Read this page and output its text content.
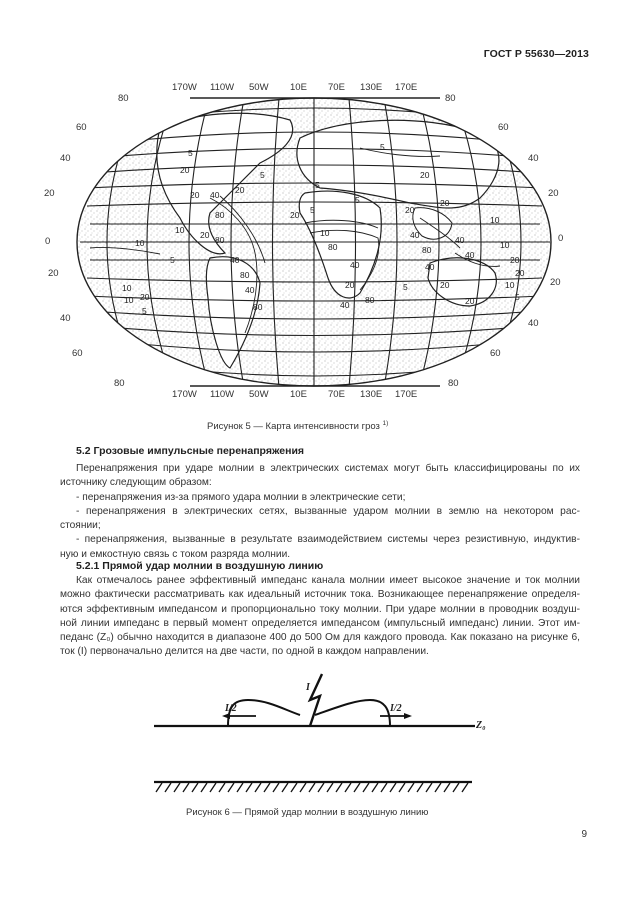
ГОСТ Р 55630—2013
5
20
20 40
80
10 20 80
10
40
80
40
80
5
10
20
10
5
20
10
80
40
5
5
5
20
80
40
20
40
80
40
40
40
20
20
10
10
20
20
10
5
5
20
20
5
5
20
170W 110W 50W 10E 70E 130E 170E
170W 110W 50W 10E 70E 130E 170E
80
60
40
20
0
20
40
60
80
80
60
40
20
0
20
40
60
80
Рисунок 5 — Карта интенсивности гроз $^{1)}$
5.2 Грозовые импульсные перенапряжения

Перенапряжения при ударе молнии в электрических системах могут быть классифицированы по их

источнику следующим образом:

- перенапряжения из-за прямого удара молнии в электрические сети;

- перенапряжения в электрических сетях, вызванные ударом молнии в землю на некотором рас-

стоянии;

- перенапряжения, вызванные в результате взаимодействием системы через резистивную, индуктив-

ную и емкостную связь с током разряда молнии.

5.2.1 Прямой удар молнии в воздушную линию

Как отмечалось ранее эффективный импеданс канала молнии имеет высокое значение и ток молнии

можно фактически рассматривать как идеальный источник тока. Возникающее перенапряжение определя-

ются эффективным импедансом и пропорционально току молнии. При ударе молнии в проводник воздуш-

ной линии импеданс в первый момент определяется импедансом (импульсный импеданс) линии. Этот им-

педанс (Z₀) обычно находится в диапазоне 400 до 500 Ом для каждого провода. Как показано на рисунке 6,

ток (I) первоначально делится на две части, по одной в каждом направлении.

I
I/2	I/2
Z₀
Рисунок 6 — Прямой удар молнии в воздушную линию
9
